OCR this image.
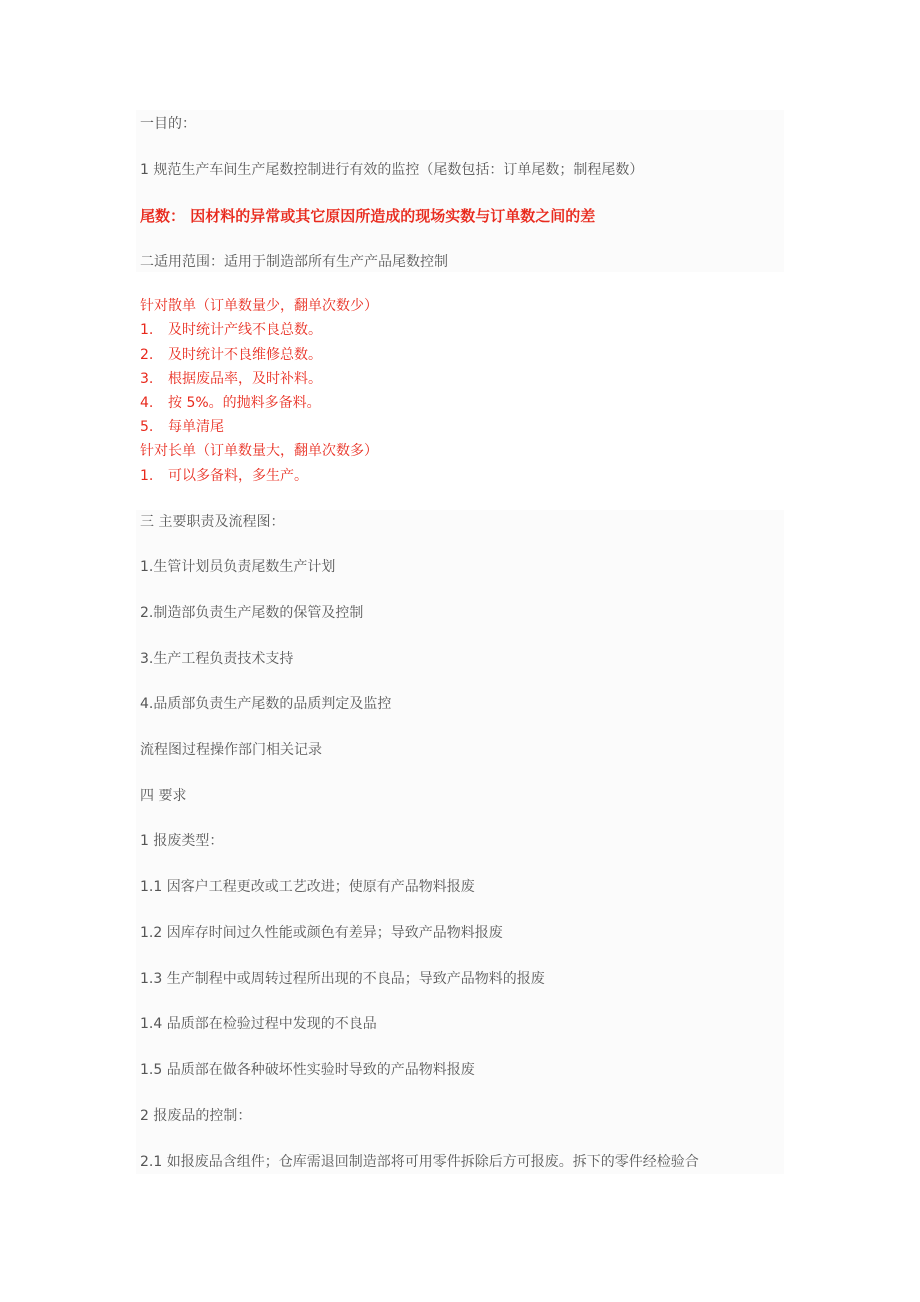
一目的：
1 规范生产车间生产尾数控制进行有效的监控（尾数包括：订单尾数；制程尾数）
尾数： 因材料的异常或其它原因所造成的现场实数与订单数之间的差
二适用范围：适用于制造部所有生产产品尾数控制
针对散单（订单数量少，翻单次数少）
1. 及时统计产线不良总数。
2. 及时统计不良维修总数。
3. 根据废品率，及时补料。
4. 按 5%。的抛料多备料。
5. 每单清尾
针对长单（订单数量大，翻单次数多）
1. 可以多备料，多生产。
三 主要职责及流程图：
1.生管计划员负责尾数生产计划
2.制造部负责生产尾数的保管及控制
3.生产工程负责技术支持
4.品质部负责生产尾数的品质判定及监控
流程图过程操作部门相关记录
四 要求
1 报废类型：
1.1 因客户工程更改或工艺改进；使原有产品物料报废
1.2 因库存时间过久性能或颜色有差异；导致产品物料报废
1.3 生产制程中或周转过程所出现的不良品；导致产品物料的报废
1.4 品质部在检验过程中发现的不良品
1.5 品质部在做各种破坏性实验时导致的产品物料报废
2 报废品的控制：
2.1 如报废品含组件；仓库需退回制造部将可用零件拆除后方可报废。拆下的零件经检验合
